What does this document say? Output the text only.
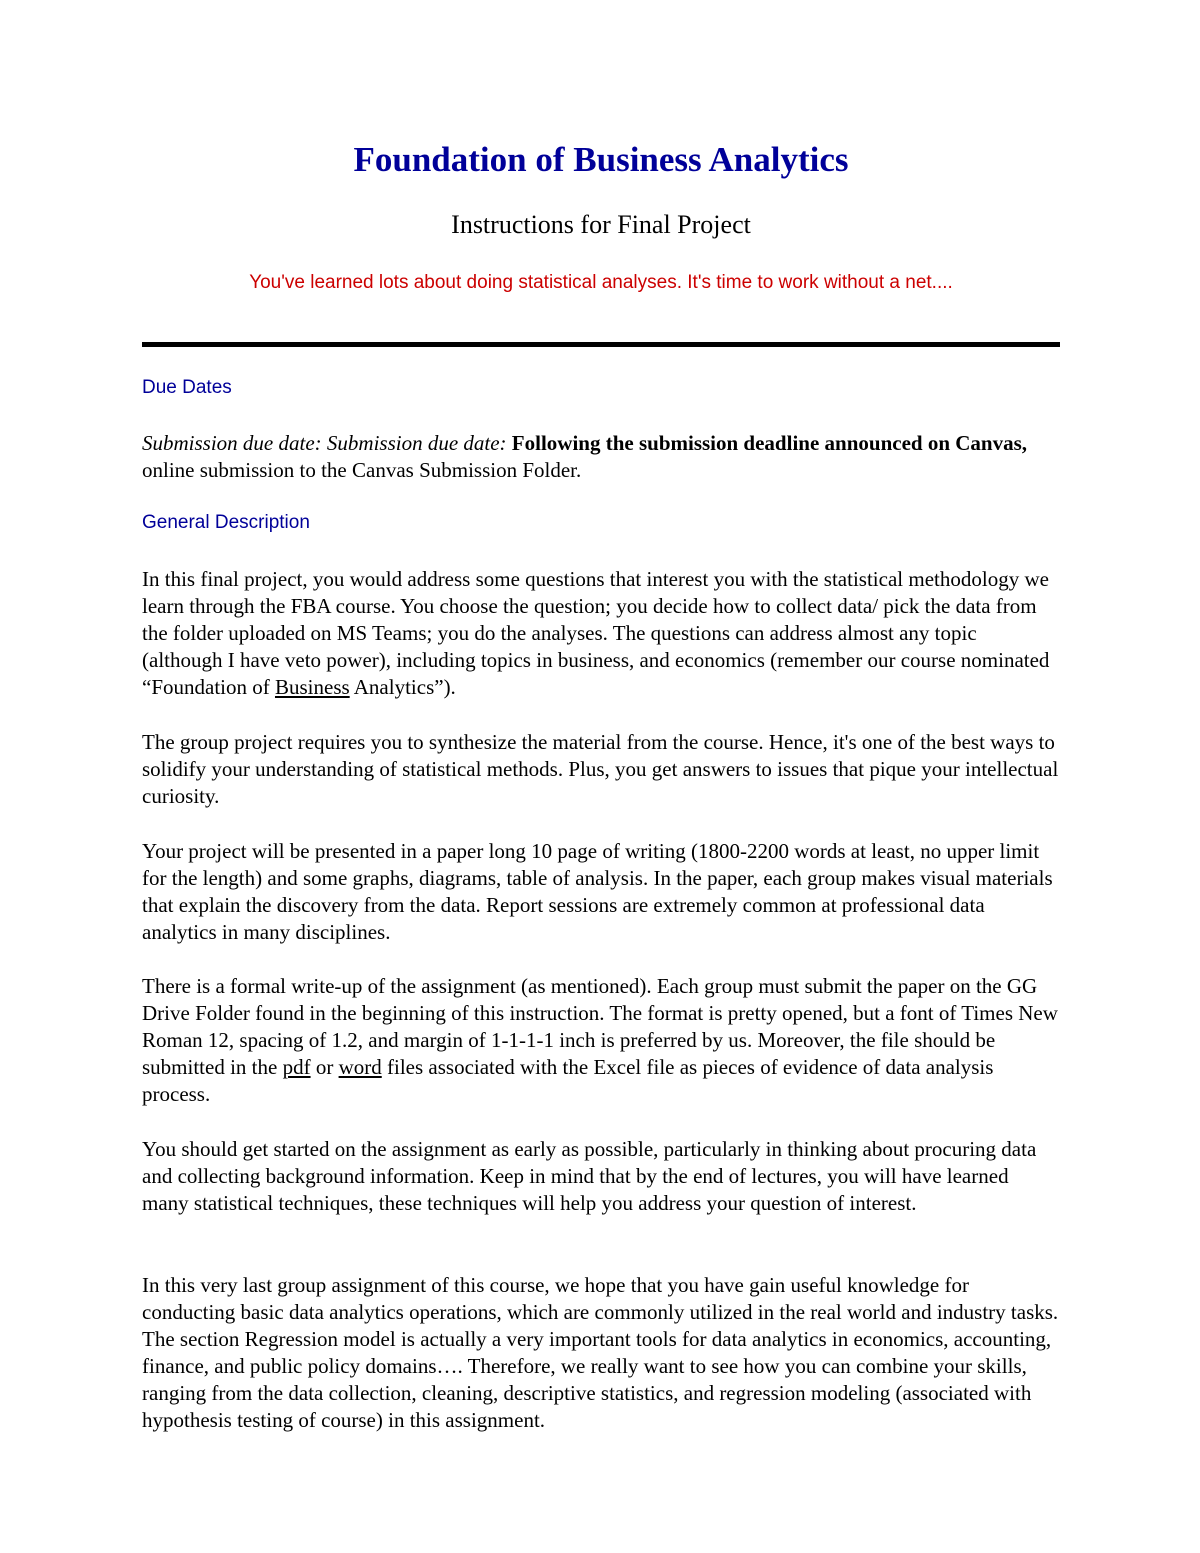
Foundation of Business Analytics

Instructions for Final Project

You've learned lots about doing statistical analyses. It's time to work without a net....

Due Dates

Submission due date: Submission due date: Following the submission deadline announced on Canvas, online submission to the Canvas Submission Folder.

General Description

In this final project, you would address some questions that interest you with the statistical methodology we learn through the FBA course. You choose the question; you decide how to collect data/ pick the data from the folder uploaded on MS Teams; you do the analyses. The questions can address almost any topic (although I have veto power), including topics in business, and economics (remember our course nominated “Foundation of Business Analytics”).

The group project requires you to synthesize the material from the course. Hence, it's one of the best ways to solidify your understanding of statistical methods. Plus, you get answers to issues that pique your intellectual curiosity.

Your project will be presented in a paper long 10 page of writing (1800-2200 words at least, no upper limit for the length) and some graphs, diagrams, table of analysis. In the paper, each group makes visual materials that explain the discovery from the data. Report sessions are extremely common at professional data analytics in many disciplines.

There is a formal write-up of the assignment (as mentioned). Each group must submit the paper on the GG Drive Folder found in the beginning of this instruction. The format is pretty opened, but a font of Times New Roman 12, spacing of 1.2, and margin of 1-1-1-1 inch is preferred by us. Moreover, the file should be submitted in the pdf or word files associated with the Excel file as pieces of evidence of data analysis process.

You should get started on the assignment as early as possible, particularly in thinking about procuring data and collecting background information. Keep in mind that by the end of lectures, you will have learned many statistical techniques, these techniques will help you address your question of interest.

In this very last group assignment of this course, we hope that you have gain useful knowledge for conducting basic data analytics operations, which are commonly utilized in the real world and industry tasks. The section Regression model is actually a very important tools for data analytics in economics, accounting, finance, and public policy domains…. Therefore, we really want to see how you can combine your skills, ranging from the data collection, cleaning, descriptive statistics, and regression modeling (associated with hypothesis testing of course) in this assignment.
